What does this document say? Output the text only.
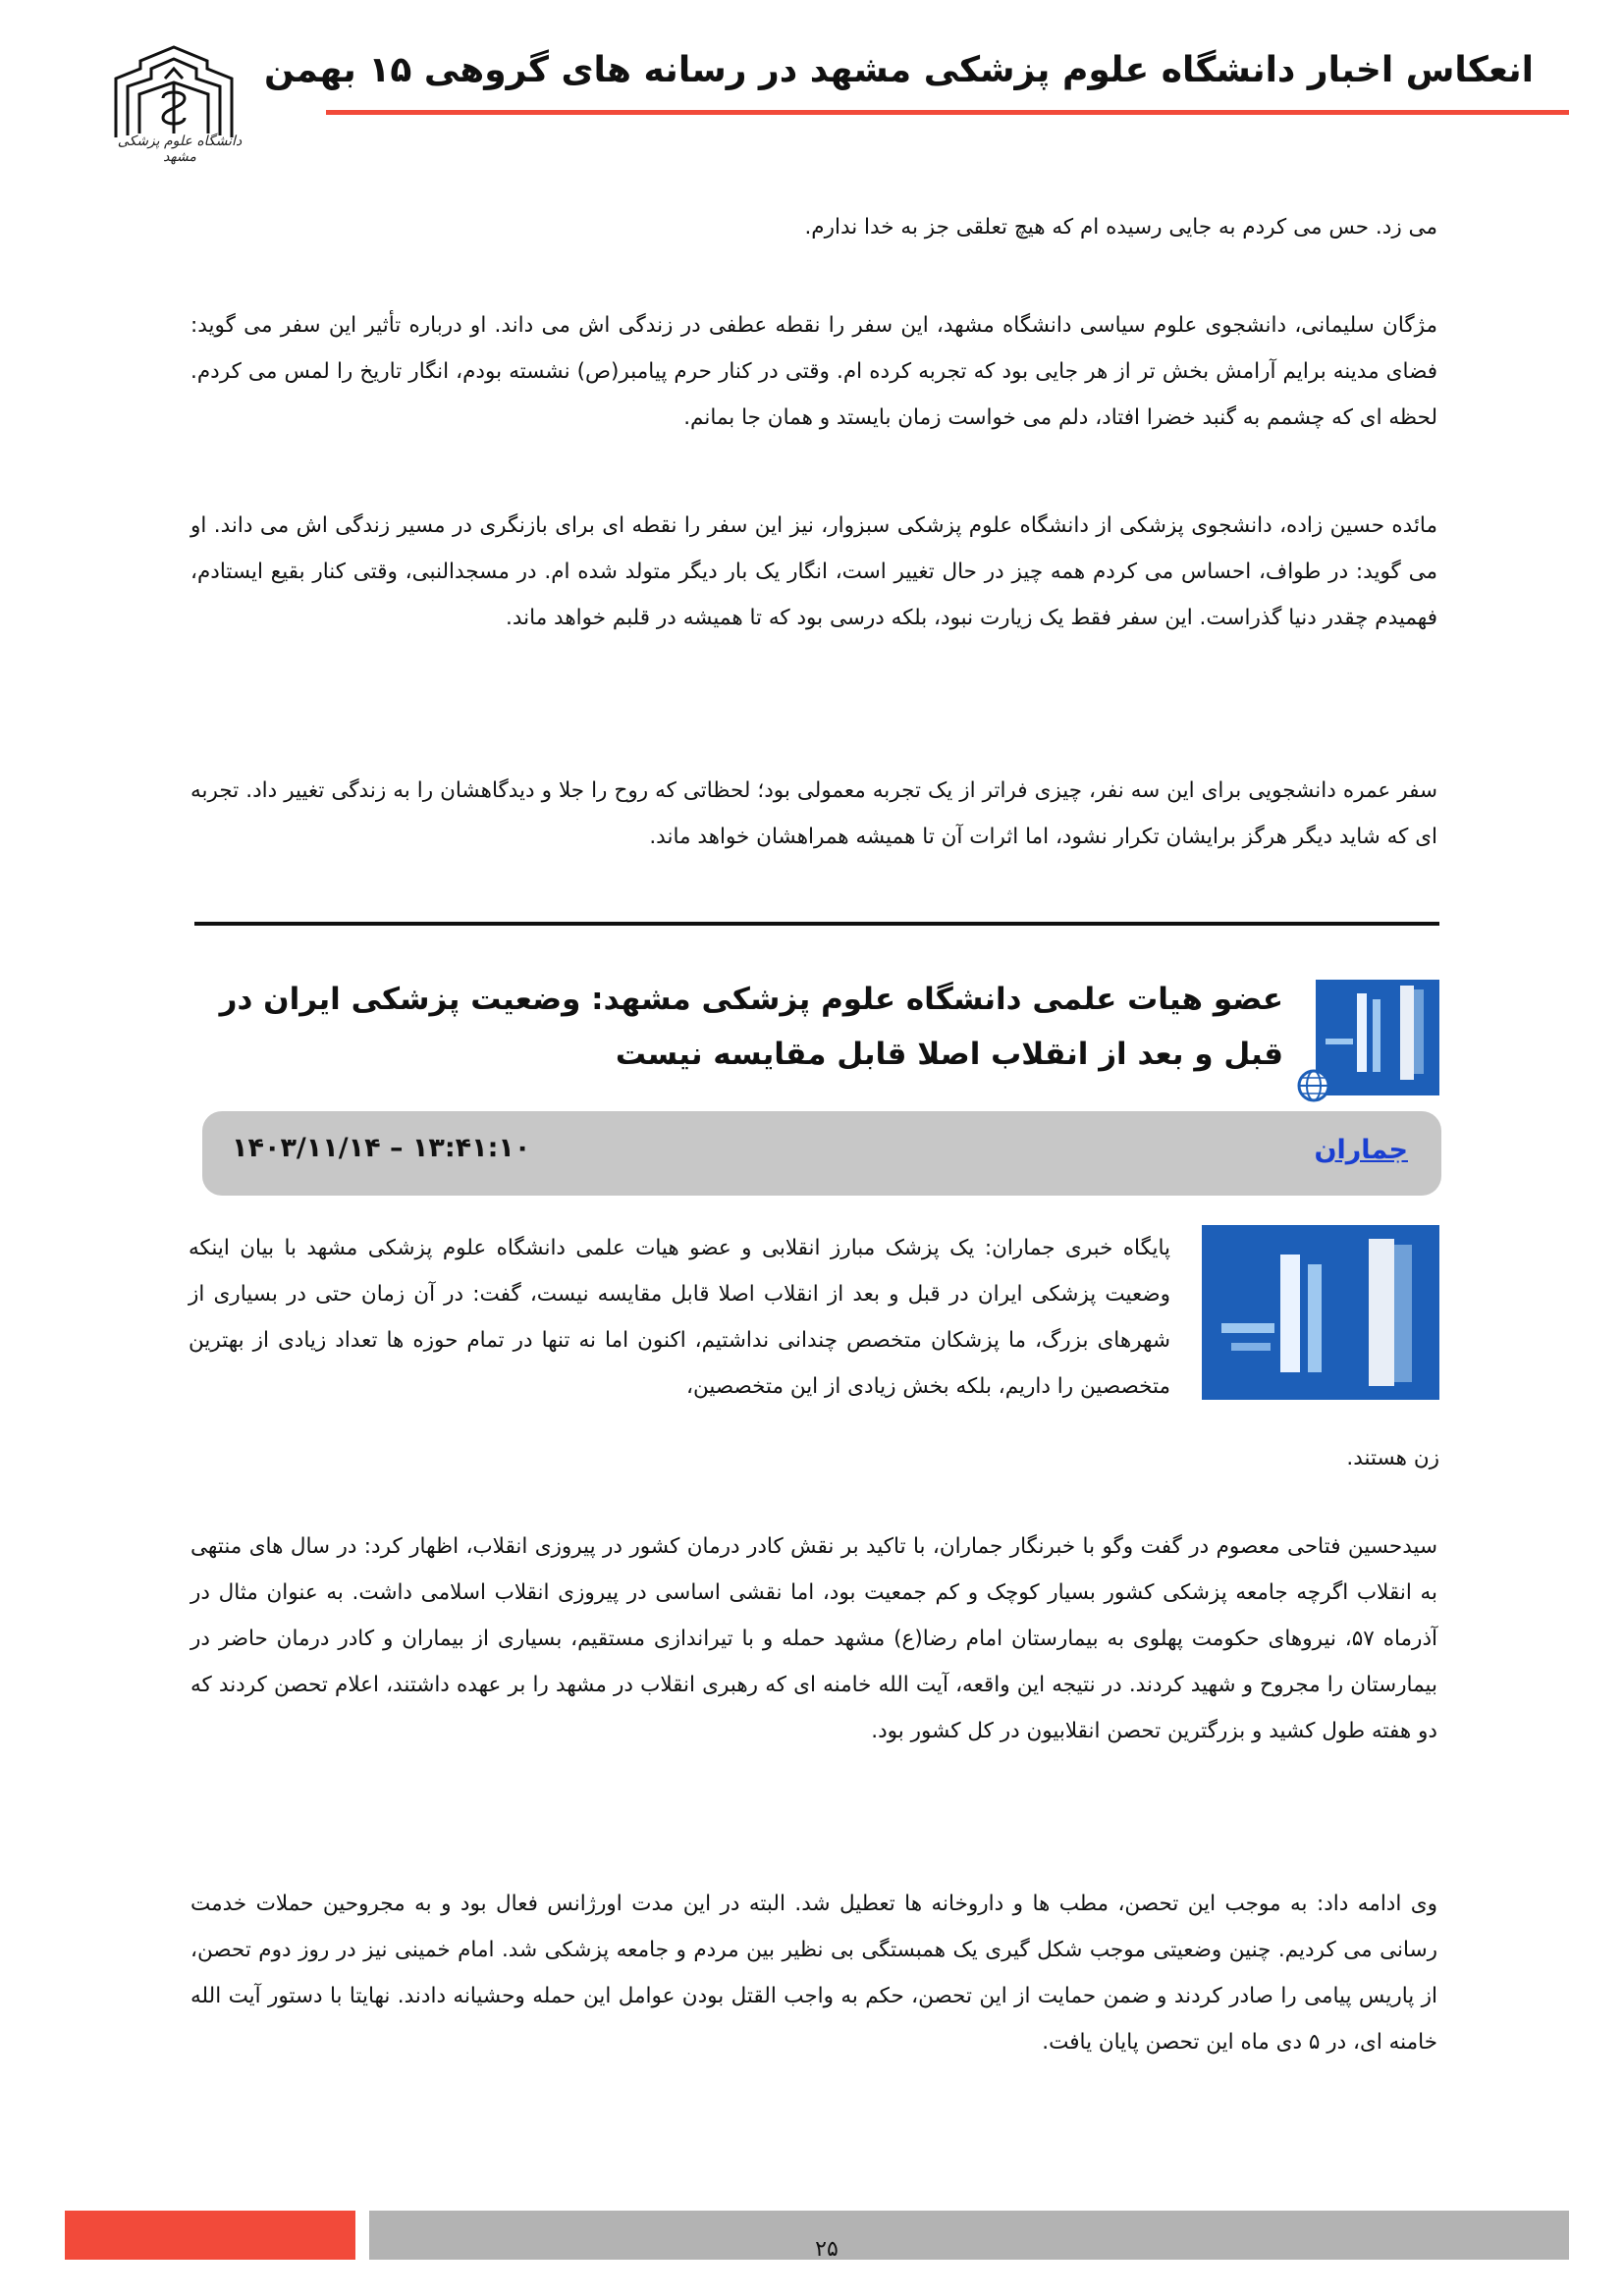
انعکاس اخبار دانشگاه علوم پزشکی مشهد در رسانه های گروهی ۱۵ بهمن
دانشگاه علوم پزشکی مشهد
می زد. حس می کردم به جایی رسیده ام که هیچ تعلقی جز به خدا ندارم.
مژگان سلیمانی، دانشجوی علوم سیاسی دانشگاه مشهد، این سفر را نقطه عطفی در زندگی اش می داند. او درباره تأثیر این سفر می گوید: فضای مدینه برایم آرامش بخش تر از هر جایی بود که تجربه کرده ام. وقتی در کنار حرم پیامبر(ص) نشسته بودم، انگار تاریخ را لمس می کردم. لحظه ای که چشمم به گنبد خضرا افتاد، دلم می خواست زمان بایستد و همان جا بمانم.
مائده حسین زاده، دانشجوی پزشکی از دانشگاه علوم پزشکی سبزوار، نیز این سفر را نقطه ای برای بازنگری در مسیر زندگی اش می داند. او می گوید: در طواف، احساس می کردم همه چیز در حال تغییر است، انگار یک بار دیگر متولد شده ام. در مسجدالنبی، وقتی کنار بقیع ایستادم، فهمیدم چقدر دنیا گذراست. این سفر فقط یک زیارت نبود، بلکه درسی بود که تا همیشه در قلبم خواهد ماند.
سفر عمره دانشجویی برای این سه نفر، چیزی فراتر از یک تجربه معمولی بود؛ لحظاتی که روح را جلا و دیدگاهشان را به زندگی تغییر داد. تجربه ای که شاید دیگر هرگز برایشان تکرار نشود، اما اثرات آن تا همیشه همراهشان خواهد ماند.
عضو هیات علمی دانشگاه علوم پزشکی مشهد: وضعیت پزشکی ایران در قبل و بعد از انقلاب اصلا قابل مقایسه نیست
جماران
۱۴۰۳/۱۱/۱۴ – ۱۳:۴۱:۱۰
پایگاه خبری جماران: یک پزشک مبارز انقلابی و عضو هیات علمی دانشگاه علوم پزشکی مشهد با بیان اینکه وضعیت پزشکی ایران در قبل و بعد از انقلاب اصلا قابل مقایسه نیست، گفت: در آن زمان حتی در بسیاری از شهرهای بزرگ، ما پزشکان متخصص چندانی نداشتیم، اکنون اما نه تنها در تمام حوزه ها تعداد زیادی از بهترین متخصصین را داریم، بلکه بخش زیادی از این متخصصین،
زن هستند.
سیدحسین فتاحی معصوم در گفت وگو با خبرنگار جماران، با تاکید بر نقش کادر درمان کشور در پیروزی انقلاب، اظهار کرد: در سال های منتهی به انقلاب اگرچه جامعه پزشکی کشور بسیار کوچک و کم جمعیت بود، اما نقشی اساسی در پیروزی انقلاب اسلامی داشت. به عنوان مثال در آذرماه ۵۷، نیروهای حکومت پهلوی به بیمارستان امام رضا(ع) مشهد حمله و با تیراندازی مستقیم، بسیاری از بیماران و کادر درمان حاضر در بیمارستان را مجروح و شهید کردند. در نتیجه این واقعه، آیت الله خامنه ای که رهبری انقلاب در مشهد را بر عهده داشتند، اعلام تحصن کردند که دو هفته طول کشید و بزرگترین تحصن انقلابیون در کل کشور بود.
وی ادامه داد: به موجب این تحصن، مطب ها و داروخانه ها تعطیل شد. البته در این مدت اورژانس فعال بود و به مجروحین حملات خدمت رسانی می کردیم. چنین وضعیتی موجب شکل گیری یک همبستگی بی نظیر بین مردم و جامعه پزشکی شد. امام خمینی نیز در روز دوم تحصن، از پاریس پیامی را صادر کردند و ضمن حمایت از این تحصن، حکم به واجب القتل بودن عوامل این حمله وحشیانه دادند. نهایتا با دستور آیت الله خامنه ای، در ۵ دی ماه این تحصن پایان یافت.
۲۵
